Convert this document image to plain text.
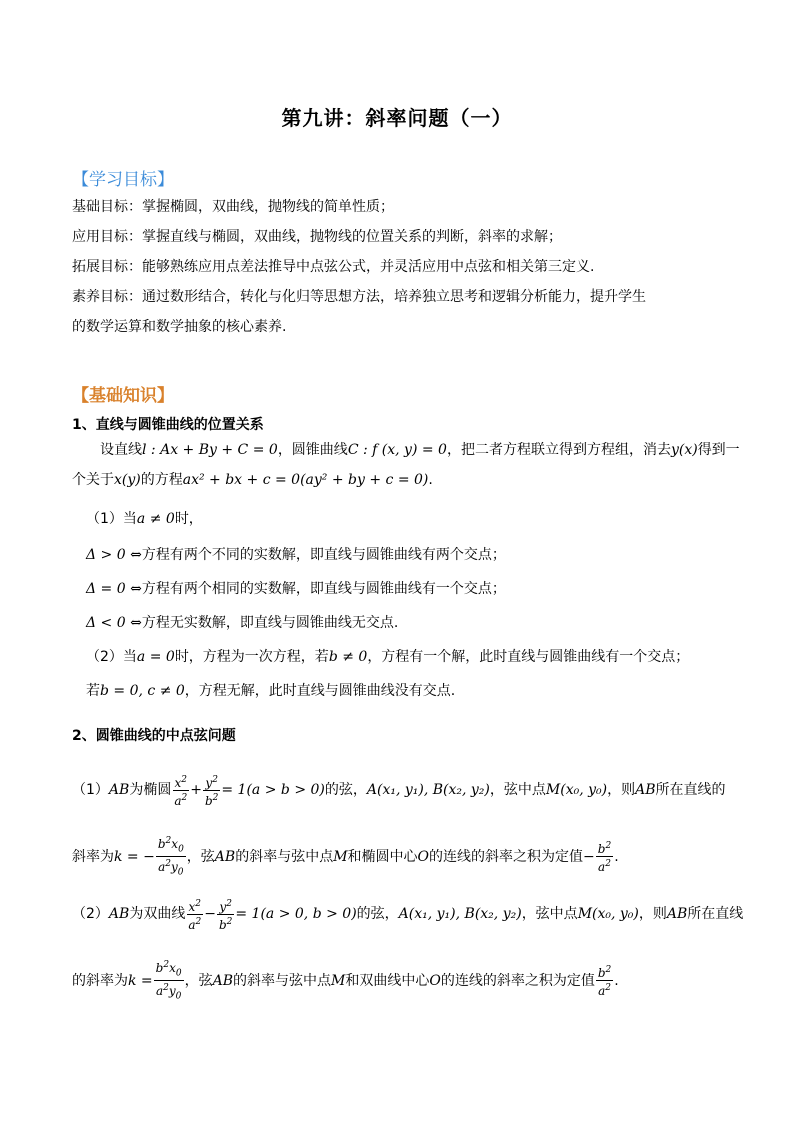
第九讲：斜率问题（一）
【学习目标】
基础目标：掌握椭圆，双曲线，抛物线的简单性质；
应用目标：掌握直线与椭圆，双曲线，抛物线的位置关系的判断，斜率的求解；
拓展目标：能够熟练应用点差法推导中点弦公式，并灵活应用中点弦和相关第三定义.
素养目标：通过数形结合，转化与化归等思想方法，培养独立思考和逻辑分析能力，提升学生
的数学运算和数学抽象的核心素养.
【基础知识】
1、直线与圆锥曲线的位置关系
设直线l : Ax + By + C = 0，圆锥曲线C : f (x, y) = 0，把二者方程联立得到方程组，消去y(x)得到一
个关于x(y)的方程ax² + bx + c = 0(ay² + by + c = 0).
（1）当a ≠ 0时，
Δ > 0 ⇔方程有两个不同的实数解，即直线与圆锥曲线有两个交点；
Δ = 0 ⇔方程有两个相同的实数解，即直线与圆锥曲线有一个交点；
Δ < 0 ⇔方程无实数解，即直线与圆锥曲线无交点.
（2）当a = 0时，方程为一次方程，若b ≠ 0，方程有一个解，此时直线与圆锥曲线有一个交点；
若b = 0, c ≠ 0，方程无解，此时直线与圆锥曲线没有交点.
2、圆锥曲线的中点弦问题
（1）AB为椭圆 $\frac{x^2}{a^2} + \frac{y^2}{b^2} = 1(a > b > 0)$的弦，A(x₁, y₁), B(x₂, y₂)，弦中点M(x₀, y₀)，则AB所在直线的
斜率为k = − $\frac{b^2x_0}{a^2y_0}$ ，弦AB的斜率与弦中点M和椭圆中心O的连线的斜率之积为定值− $\frac{b^2}{a^2}$ .
（2）AB为双曲线 $\frac{x^2}{a^2} - \frac{y^2}{b^2} = 1(a > 0$, b > 0)的弦，A(x₁, y₁), B(x₂, y₂)，弦中点M(x₀, y₀)，则AB所在直线
的斜率为$k = \frac{b^2x_0}{a^2y_0}$ ，弦AB的斜率与弦中点M和双曲线中心O的连线的斜率之积为定值 $\frac{b^2}{a^2}$ .
